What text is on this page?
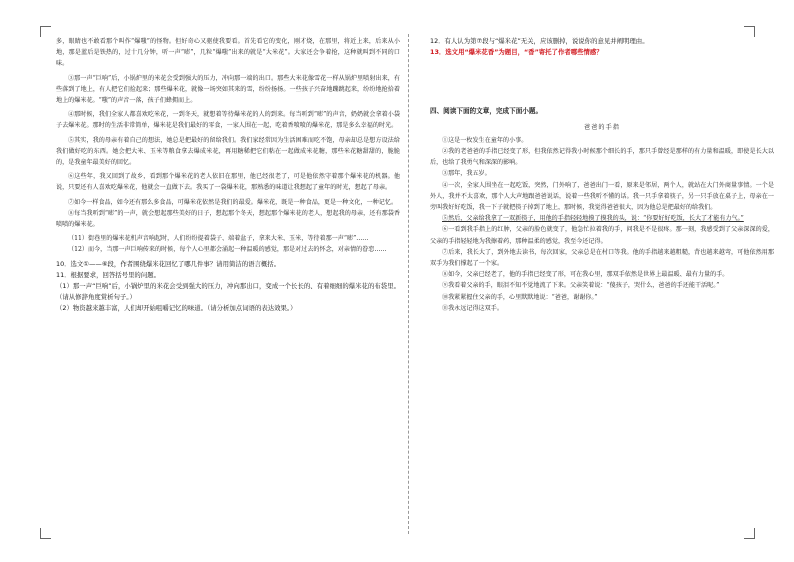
多，眼睛也不敢看那个叫作“爆嗤”的怪物。但好奇心又驱使我要看。首先看它的变化，刚才烧，在那里，将近上来，后来从小地，那是蓝后是铁热的，过十几分钟，听一声“嘭”，几粒“爆嗤”出来的就是“大米花”。大家还会争着抢，这种就叫到不同的口味。

③那一声“巨响”后，小锅炉里的米花会受到强大的压力，冲向那一端的出口。那些大米花像雪花一样从锅炉里喷射出来，有些落到了地上，有人把它们捡起来；那些爆米花，就像一场突如其来的雪，纷纷扬扬。一些孩子兴奋地蹦跳起来，纷纷地抢拾着地上的爆米花。“嗤”的声音一落，孩子们蜂拥而上。

④那时候，我们全家人都喜欢吃米花，一到冬天，就想着等待爆米花的人的到来。每当听到“嘭”的声音，奶奶就会拿着小袋子去爆米花。那时的生活非常简单，爆米花是我们最好的零食，一家人围在一起，吃着香喷喷的爆米花，那是多么幸福的时光。

⑤其实，我的母亲有着自己的想法，她总是把最好的留给我们。我们家经常因为生活困难而吃不饱，母亲却总是想方设法给我们做好吃的东西。她会把大米、玉米等粮食拿去爆成米花，再用糖稀把它们粘在一起做成米花糖，那些米花糖甜甜的，脆脆的，是我童年最美好的回忆。

⑥这些年，我又回到了故乡，看到那个爆米花的老人依旧在那里，他已经很老了，可是他依然守着那个爆米花的机器。他说，只要还有人喜欢吃爆米花，他就会一直做下去。我买了一袋爆米花，那熟悉的味道让我想起了童年的时光，想起了母亲。

⑦如今一样食品，如今还有那么多食品，可爆米花依然是我们的最爱。爆米花，既是一种食品，更是一种文化，一种记忆。

⑧每当我听到“嘭”的一声，就会想起那些美好的日子，想起那个冬天，想起那个爆米花的老人，想起我的母亲，还有那袋香喷喷的爆米花。

（11）街巷里的爆米花机声音响起时，人们纷纷提着袋子、端着盆子，拿来大米、玉米，等待着那一声“嘭”……

（12）而今，当那一声巨响传来的时候，每个人心里都会涌起一种温暖的感觉，那是对过去的怀念，对亲情的眷恋……

10．选文①——⑥段，作者围绕爆米花回忆了哪几件事？请用简洁的语言概括。

11．根据要求，回答括号里的问题。

（1）那一声“巨响”后，小锅炉里的米花会受到强大的压力，冲向那出口，变成一个长长的、有着细细的爆米花的布袋里。（请从修辞角度赏析句子。）

（2）物资越来越丰富，人们却开始咀嚼记忆的味道。（请分析加点词语的表达效果。）

12．有人认为第⑦段与“爆米花”无关，应该删掉，说说你的意见并阐明理由。

13．选文用“爆米花香”为题目，“香”寄托了作者哪些情感？

四、阅读下面的文章，完成下面小题。

爸爸的手指

①这是一枚发生在童年的小事。

②我的老爸爸的手指已经变了形，但我依然记得我小时候那个细长的手，那只手曾经是那样的有力量和温暖，即使是长大以后，也给了我勇气和深深的影响。

③那年，我五岁。

④一次，全家人围坐在一起吃饭，突然，门外响了，爸爸出门一看，原来是邻居，两个人，就站在大门外商量事情。一个是外人，我并不太喜欢，那个人大声地跟爸爸说话，说着一些我听不懂的话。我一只手拿着筷子，另一只手放在桌子上，母亲在一旁叫我好好吃饭，我一下子就把筷子掉到了地上，那时候，我觉得爸爸很大，因为他总是把最好的给我们。

⑤然后，父亲给我拿了一双新筷子，用他的手指轻轻地摸了摸我的头，说：“你要好好吃饭，长大了才能有力气。”

⑥一看到我手指上的红肿，父亲的脸色就变了，他急忙拉着我的手，问我是不是很疼。那一刻，我感受到了父亲深深的爱，父亲的手指轻轻地为我擦着药，那种温柔的感觉，我至今还记得。

⑦后来，我长大了，到外地去读书，每次回家，父亲总是在村口等我。他的手指越来越粗糙，背也越来越弯，可他依然用那双手为我们撑起了一个家。

⑧如今，父亲已经老了，他的手指已经变了形，可在我心里，那双手依然是世界上最温暖、最有力量的手。

⑨我看着父亲的手，眼泪不知不觉地流了下来。父亲笑着说：“傻孩子，哭什么，爸爸的手还能干活呢。”

⑩我紧紧握住父亲的手，心里默默地说：“爸爸，谢谢你。”

⑪我永远记得这双手。
